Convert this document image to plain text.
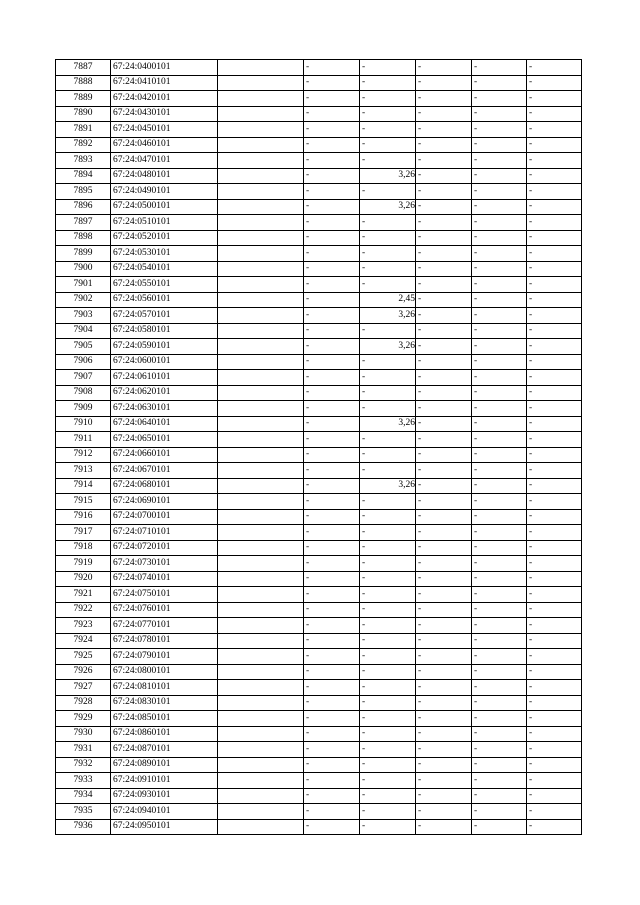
7887	67:24:0400101		-	-	-	-	-
7888	67:24:0410101		-	-	-	-	-
7889	67:24:0420101		-	-	-	-	-
7890	67:24:0430101		-	-	-	-	-
7891	67:24:0450101		-	-	-	-	-
7892	67:24:0460101		-	-	-	-	-
7893	67:24:0470101		-	-	-	-	-
7894	67:24:0480101		-	3,26	-	-	-
7895	67:24:0490101		-	-	-	-	-
7896	67:24:0500101		-	3,26	-	-	-
7897	67:24:0510101		-	-	-	-	-
7898	67:24:0520101		-	-	-	-	-
7899	67:24:0530101		-	-	-	-	-
7900	67:24:0540101		-	-	-	-	-
7901	67:24:0550101		-	-	-	-	-
7902	67:24:0560101		-	2,45	-	-	-
7903	67:24:0570101		-	3,26	-	-	-
7904	67:24:0580101		-	-	-	-	-
7905	67:24:0590101		-	3,26	-	-	-
7906	67:24:0600101		-	-	-	-	-
7907	67:24:0610101		-	-	-	-	-
7908	67:24:0620101		-	-	-	-	-
7909	67:24:0630101		-	-	-	-	-
7910	67:24:0640101		-	3,26	-	-	-
7911	67:24:0650101		-	-	-	-	-
7912	67:24:0660101		-	-	-	-	-
7913	67:24:0670101		-	-	-	-	-
7914	67:24:0680101		-	3,26	-	-	-
7915	67:24:0690101		-	-	-	-	-
7916	67:24:0700101		-	-	-	-	-
7917	67:24:0710101		-	-	-	-	-
7918	67:24:0720101		-	-	-	-	-
7919	67:24:0730101		-	-	-	-	-
7920	67:24:0740101		-	-	-	-	-
7921	67:24:0750101		-	-	-	-	-
7922	67:24:0760101		-	-	-	-	-
7923	67:24:0770101		-	-	-	-	-
7924	67:24:0780101		-	-	-	-	-
7925	67:24:0790101		-	-	-	-	-
7926	67:24:0800101		-	-	-	-	-
7927	67:24:0810101		-	-	-	-	-
7928	67:24:0830101		-	-	-	-	-
7929	67:24:0850101		-	-	-	-	-
7930	67:24:0860101		-	-	-	-	-
7931	67:24:0870101		-	-	-	-	-
7932	67:24:0890101		-	-	-	-	-
7933	67:24:0910101		-	-	-	-	-
7934	67:24:0930101		-	-	-	-	-
7935	67:24:0940101		-	-	-	-	-
7936	67:24:0950101		-	-	-	-	-
